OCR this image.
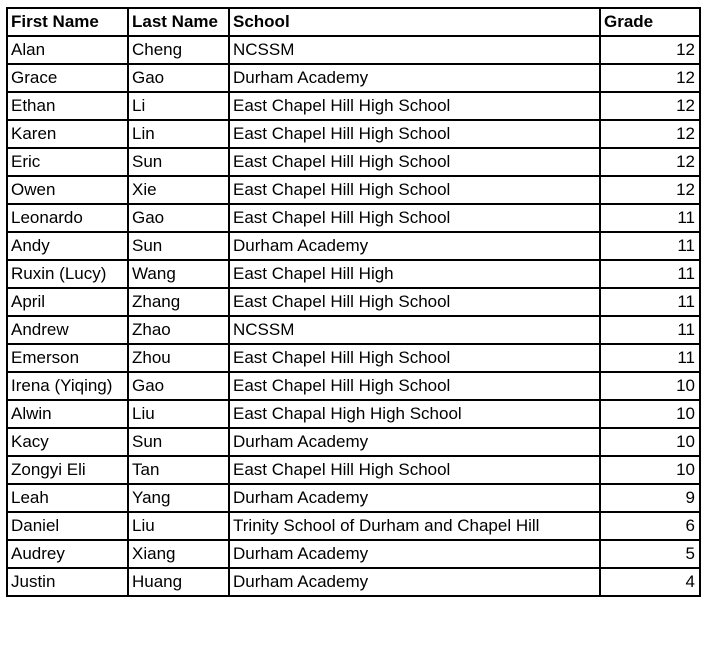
First Name	Last Name	School	Grade
Alan	Cheng	NCSSM	12
Grace	Gao	Durham Academy	12
Ethan	Li	East Chapel Hill High School	12
Karen	Lin	East Chapel Hill High School	12
Eric	Sun	East Chapel Hill High School	12
Owen	Xie	East Chapel Hill High School	12
Leonardo	Gao	East Chapel Hill High School	11
Andy	Sun	Durham Academy	11
Ruxin (Lucy)	Wang	East Chapel Hill High	11
April	Zhang	East Chapel Hill High School	11
Andrew	Zhao	NCSSM	11
Emerson	Zhou	East Chapel Hill High School	11
Irena (Yiqing)	Gao	East Chapel Hill High School	10
Alwin	Liu	East Chapal High High School	10
Kacy	Sun	Durham Academy	10
Zongyi Eli	Tan	East Chapel Hill High School	10
Leah	Yang	Durham Academy	9
Daniel	Liu	Trinity School of Durham and Chapel Hill	6
Audrey	Xiang	Durham Academy	5
Justin	Huang	Durham Academy	4
